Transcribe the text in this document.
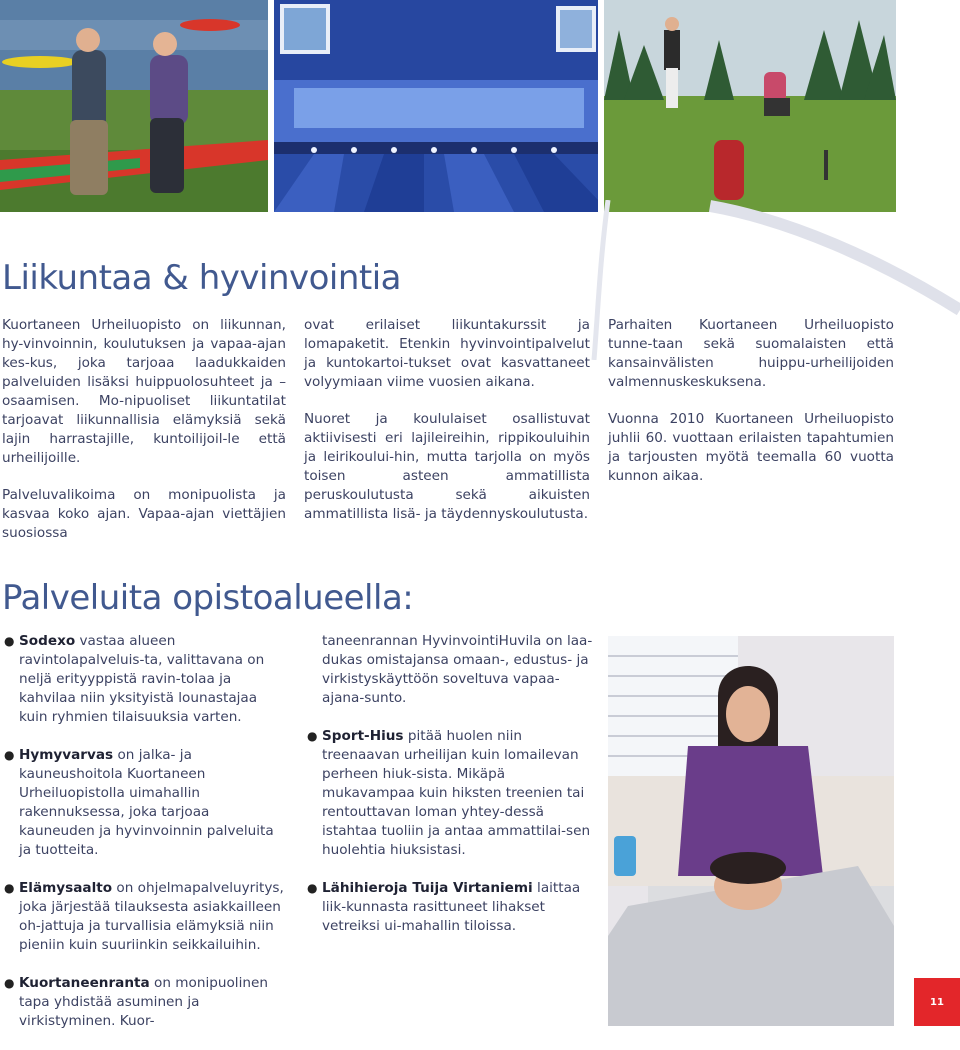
Liikuntaa & hyvinvointia

Kuortaneen Urheiluopisto on liikunnan, hy-vinvoinnin, koulutuksen ja vapaa-ajan kes-kus, joka tarjoaa laadukkaiden palveluiden lisäksi huippuolosuhteet ja –osaamisen. Mo-nipuoliset liikuntatilat tarjoavat liikunnallisia elämyksiä sekä lajin harrastajille, kuntoilijoil-le että urheilijoille.

Palveluvalikoima on monipuolista ja kasvaa koko ajan. Vapaa-ajan viettäjien suosiossa

ovat erilaiset liikuntakurssit ja lomapaketit. Etenkin hyvinvointipalvelut ja kuntokartoi-tukset ovat kasvattaneet volyymiaan viime vuosien aikana.

Nuoret ja koululaiset osallistuvat aktiivisesti eri lajileireihin, rippikouluihin ja leirikoului-hin, mutta tarjolla on myös toisen asteen ammatillista peruskoulutusta sekä aikuisten ammatillista lisä- ja täydennyskoulutusta.

Parhaiten Kuortaneen Urheiluopisto tunne-taan sekä suomalaisten että kansainvälisten huippu-urheilijoiden valmennuskeskuksena.

Vuonna 2010 Kuortaneen Urheiluopisto juhlii 60. vuottaan erilaisten tapahtumien ja tarjousten myötä teemalla 60 vuotta kunnon aikaa.

Palveluita opistoalueella:
● Sodexo vastaa alueen ravintolapalveluis-ta, valittavana on neljä erityyppistä ravin-tolaa ja kahvilaa niin yksityistä lounastajaa kuin ryhmien tilaisuuksia varten.
● Hymyvarvas on jalka- ja kauneushoitola Kuortaneen Urheiluopistolla uimahallin rakennuksessa, joka tarjoaa kauneuden ja hyvinvoinnin palveluita ja tuotteita.
● Elämysaalto on ohjelmapalveluyritys, joka järjestää tilauksesta asiakkailleen oh-jattuja ja turvallisia elämyksiä niin pieniin kuin suuriinkin seikkailuihin.
● Kuortaneenranta on monipuolinen tapa yhdistää asuminen ja virkistyminen. Kuor-
taneenrannan HyvinvointiHuvila on laa-dukas omistajansa omaan-, edustus- ja virkistyskäyttöön soveltuva vapaa-ajana-sunto.
● Sport-Hius pitää huolen niin treenaavan urheilijan kuin lomailevan perheen hiuk-sista. Mikäpä mukavampaa kuin hiksten treenien tai rentouttavan loman yhtey-dessä istahtaa tuoliin ja antaa ammattilai-sen huolehtia hiuksistasi.
● Lähihieroja Tuija Virtaniemi laittaa liik-kunnasta rasittuneet lihakset vetreiksi ui-mahallin tiloissa.
11
